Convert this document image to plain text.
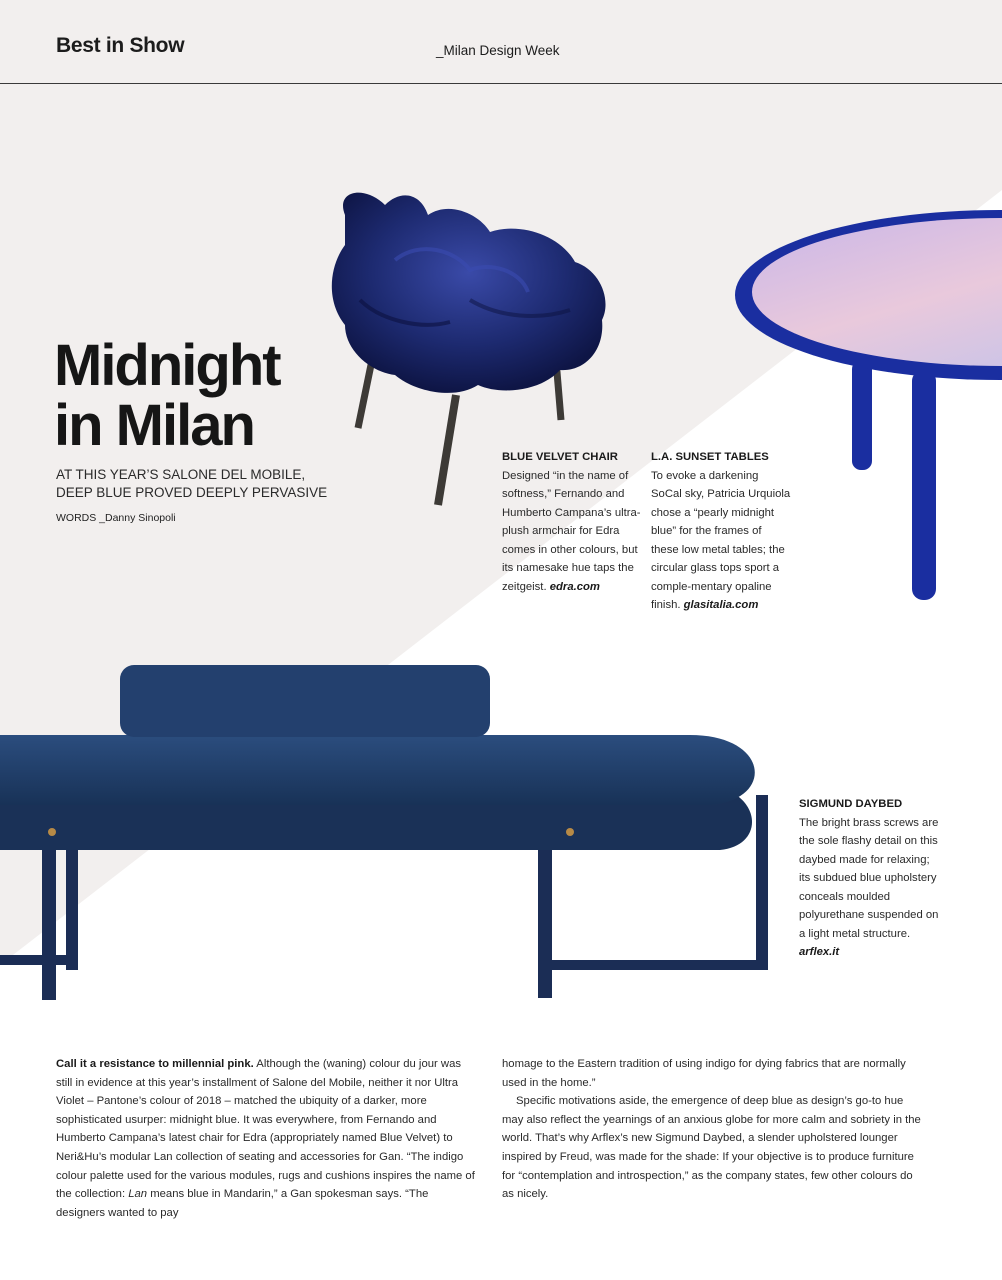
Best in Show	_Milan Design Week
Midnight
in Milan
AT THIS YEAR’S SALONE DEL MOBILE,
DEEP BLUE PROVED DEEPLY PERVASIVE
WORDS _Danny Sinopoli
BLUE VELVET CHAIR
Designed “in the name of softness,” Fernando and Humberto Campana’s ultra-plush armchair for Edra comes in other colours, but its namesake hue taps the zeitgeist. edra.com
L.A. SUNSET TABLES
To evoke a darkening SoCal sky, Patricia Urquiola chose a “pearly midnight blue” for the frames of these low metal tables; the circular glass tops sport a comple-mentary opaline finish. glasitalia.com
SIGMUND DAYBED
The bright brass screws are the sole flashy detail on this daybed made for relaxing; its subdued blue upholstery conceals moulded polyurethane suspended on a light metal structure. arflex.it

Call it a resistance to millennial pink. Although the (waning) colour du jour was still in evidence at this year’s installment of Salone del Mobile, neither it nor Ultra Violet – Pantone’s colour of 2018 – matched the ubiquity of a darker, more sophisticated usurper: midnight blue. It was everywhere, from Fernando and Humberto Campana’s latest chair for Edra (appropriately named Blue Velvet) to Neri&Hu’s modular Lan collection of seating and accessories for Gan. “The indigo colour palette used for the various modules, rugs and cushions inspires the name of the collection: Lan means blue in Mandarin,” a Gan spokesman says. “The designers wanted to pay

homage to the Eastern tradition of using indigo for dying fabrics that are normally used in the home.”

Specific motivations aside, the emergence of deep blue as design’s go-to hue may also reflect the yearnings of an anxious globe for more calm and sobriety in the world. That’s why Arflex’s new Sigmund Daybed, a slender upholstered lounger inspired by Freud, was made for the shade: If your objective is to produce furniture for “contemplation and introspection,” as the company states, few other colours do as nicely.
